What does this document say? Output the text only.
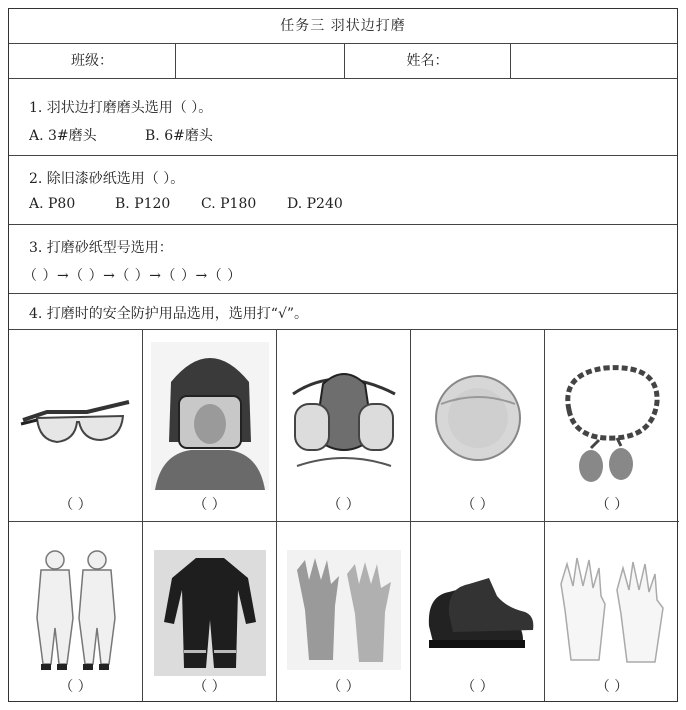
任务三 羽状边打磨
班级：	姓名：
1. 羽状边打磨磨头选用（ ）。
A. 3#磨头	B. 6#磨头
2. 除旧漆砂纸选用（ ）。
A. P80	B. P120 C. P180 D. P240
3. 打磨砂纸型号选用：
（ ）→（ ）→（ ）→（ ）→（ ）
4. 打磨时的安全防护用品选用，选用打“√”。
（ ）	（ ）	（ ）	（ ）	（ ）
（ ）	（ ）	（ ）	（ ）	（ ）
